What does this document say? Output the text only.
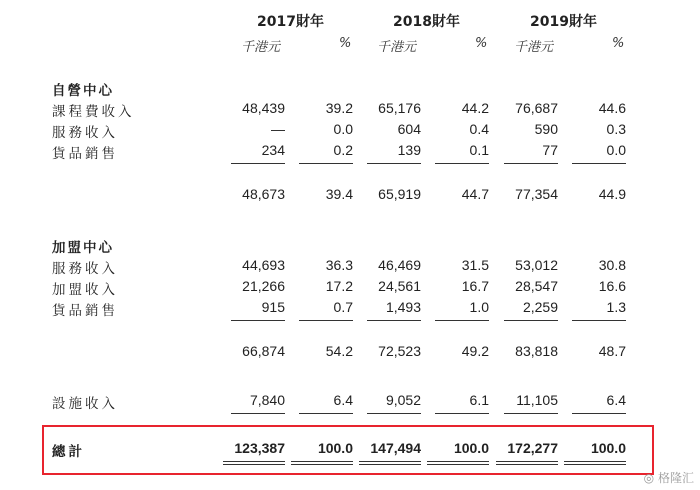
2017財年	2018財年	2019財年
千港元	% 千港元	% 千港元	%
自營中心
課程費收入	48,439	39.2	65,176	44.2	76,687	44.6
服務收入	—	0.0	604	0.4	590	0.3
貨品銷售	234	0.2	139	0.1	77	0.0
48,673	39.4	65,919	44.7	77,354	44.9
加盟中心
服務收入	44,693	36.3	46,469	31.5	53,012	30.8
加盟收入	21,266	17.2	24,561	16.7	28,547	16.6
貨品銷售	915	0.7	1,493	1.0	2,259	1.3
66,874	54.2	72,523	49.2	83,818	48.7
設施收入	7,840	6.4	9,052	6.1	11,105	6.4
總計	123,387	100.0	147,494	100.0	172,277	100.0
◎ 格隆汇
